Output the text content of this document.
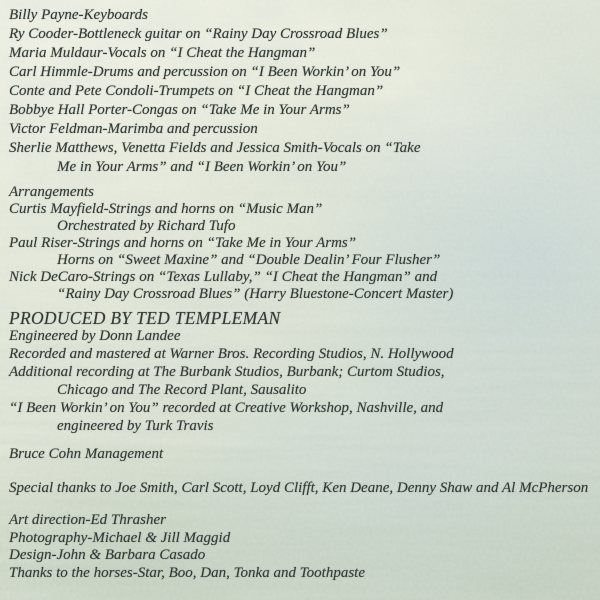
Billy Payne-Keyboards
Ry Cooder-Bottleneck guitar on “Rainy Day Crossroad Blues”
Maria Muldaur-Vocals on “I Cheat the Hangman”
Carl Himmle-Drums and percussion on “I Been Workin’ on You”
Conte and Pete Condoli-Trumpets on “I Cheat the Hangman”
Bobbye Hall Porter-Congas on “Take Me in Your Arms”
Victor Feldman-Marimba and percussion
Sherlie Matthews, Venetta Fields and Jessica Smith-Vocals on “Take
Me in Your Arms” and “I Been Workin’ on You”
Arrangements
Curtis Mayfield-Strings and horns on “Music Man”
Orchestrated by Richard Tufo
Paul Riser-Strings and horns on “Take Me in Your Arms”
Horns on “Sweet Maxine” and “Double Dealin’ Four Flusher”
Nick DeCaro-Strings on “Texas Lullaby,” “I Cheat the Hangman” and
“Rainy Day Crossroad Blues” (Harry Bluestone-Concert Master)
PRODUCED BY TED TEMPLEMAN
Engineered by Donn Landee
Recorded and mastered at Warner Bros. Recording Studios, N. Hollywood
Additional recording at The Burbank Studios, Burbank; Curtom Studios,
Chicago and The Record Plant, Sausalito
“I Been Workin’ on You” recorded at Creative Workshop, Nashville, and
engineered by Turk Travis
Bruce Cohn Management
Special thanks to Joe Smith, Carl Scott, Loyd Clifft, Ken Deane, Denny Shaw and Al McPherson
Art direction-Ed Thrasher
Photography-Michael & Jill Maggid
Design-John & Barbara Casado
Thanks to the horses-Star, Boo, Dan, Tonka and Toothpaste
